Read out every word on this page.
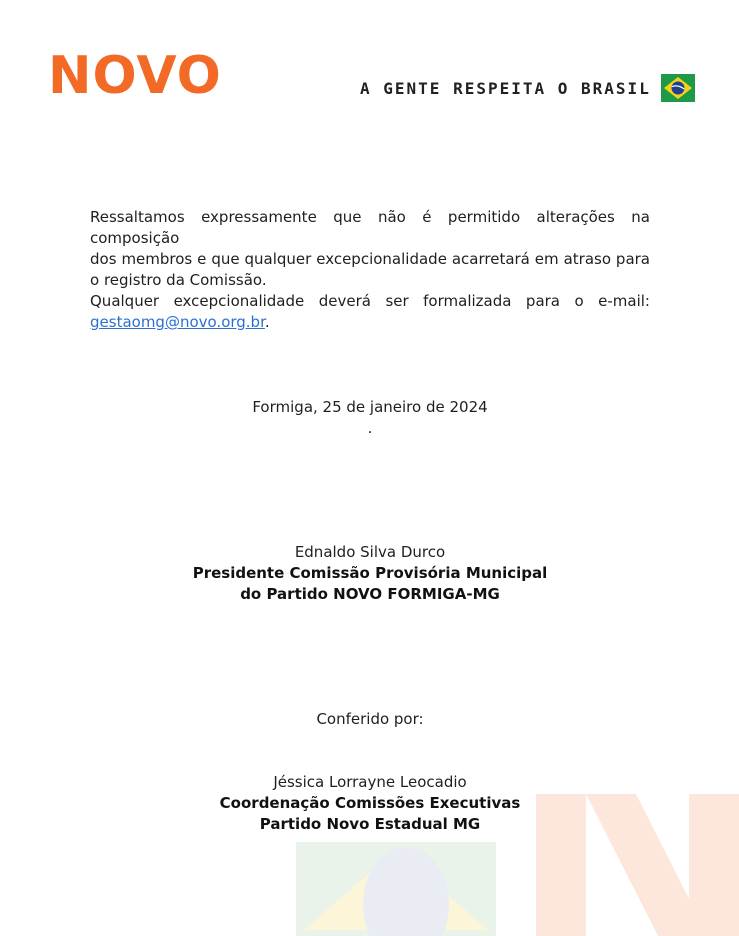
NOVO	A GENTE RESPEITA O BRASIL
Ressaltamos expressamente que não é permitido alterações na composição
dos membros e que qualquer excepcionalidade acarretará em atraso para
o registro da Comissão.
Qualquer excepcionalidade deverá ser formalizada para o e-mail:
gestaomg@novo.org.br.
Formiga, 25 de janeiro de 2024
.
Ednaldo Silva Durco
Presidente Comissão Provisória Municipal
do Partido NOVO FORMIGA-MG
Conferido por:
Jéssica Lorrayne Leocadio
Coordenação Comissões Executivas
Partido Novo Estadual MG
